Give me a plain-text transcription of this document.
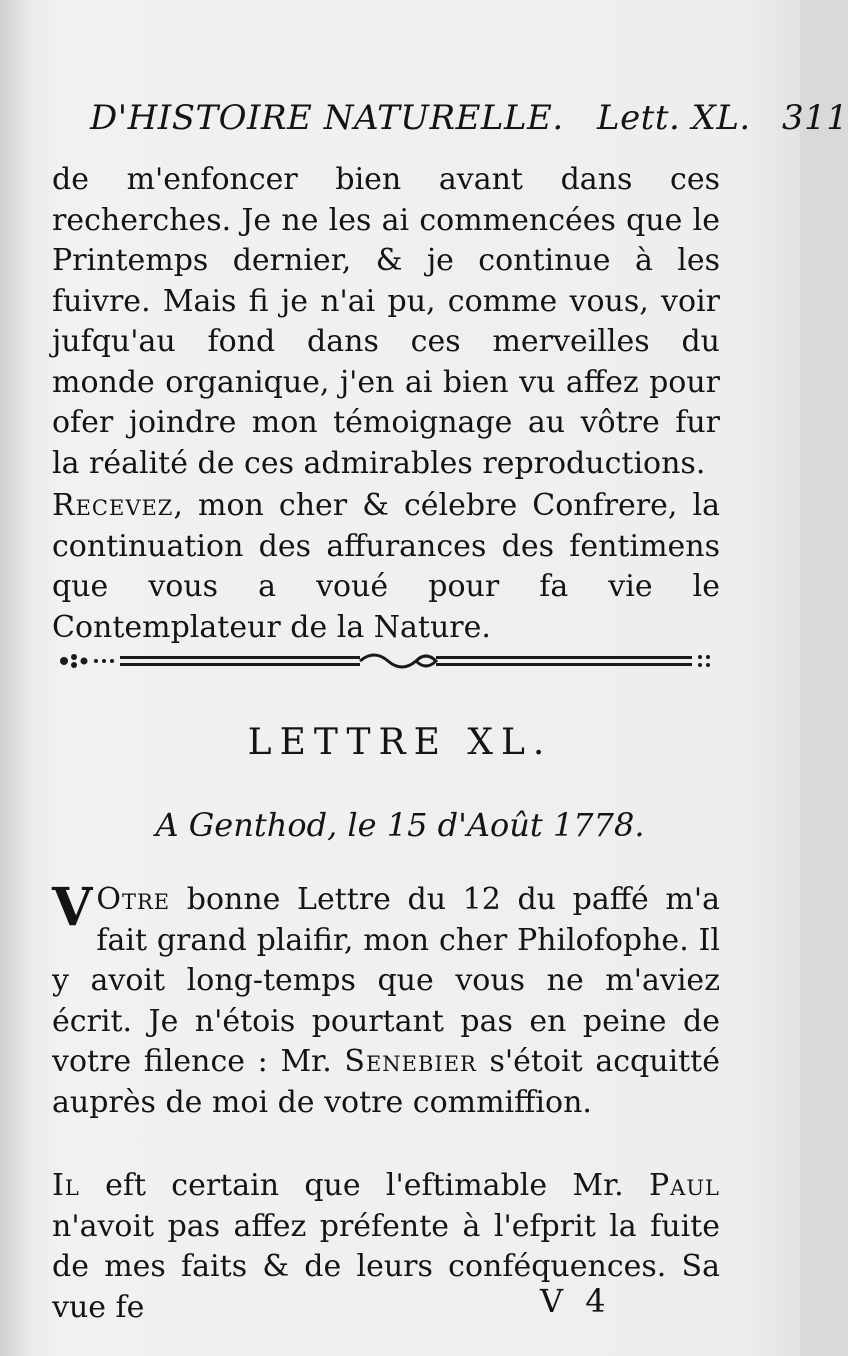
D'HISTOIRE NATURELLE. Lett. XL. 311
de m'enfoncer bien avant dans ces recherches. Je ne les ai commencées que le Printemps dernier, & je continue à les fuivre. Mais fi je n'ai pu, comme vous, voir jufqu'au fond dans ces merveilles du monde organique, j'en ai bien vu affez pour ofer joindre mon témoignage au vôtre fur la réalité de ces admirables reproductions.
Recevez, mon cher & célebre Confrere, la continuation des affurances des fentimens que vous a voué pour fa vie le Contemplateur de la Nature.
LETTRE XL.
A Genthod, le 15 d'Août 1778.
V Otre bonne Lettre du 12 du paffé m'a fait grand plaifir, mon cher Philofophe. Il y avoit long-temps que vous ne m'aviez écrit. Je n'étois pourtant pas en peine de votre filence : Mr. Senebier s'étoit acquitté auprès de moi de votre commiffion.
Il eft certain que l'eftimable Mr. Paul n'avoit pas affez préfente à l'efprit la fuite de mes faits & de leurs conféquences. Sa vue fe	V 4
